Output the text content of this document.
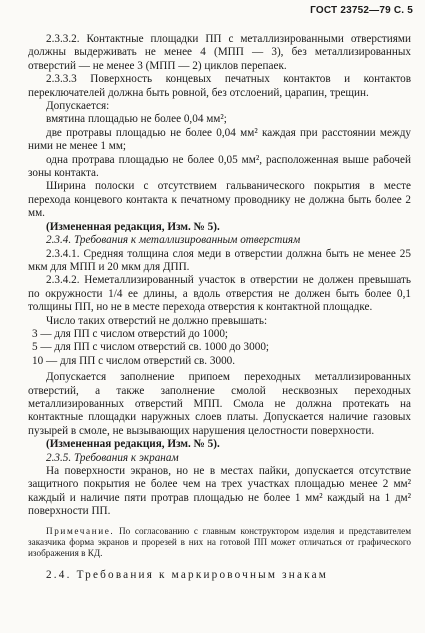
ГОСТ 23752—79 С. 5

2.3.3.2. Контактные площадки ПП с металлизированными отверстиями должны выдерживать не менее 4 (МПП — 3), без металлизированных отверстий — не менее 3 (МПП — 2) циклов перепаек.

2.3.3.3 Поверхность концевых печатных контактов и контактов переключателей должна быть ровной, без отслоений, царапин, трещин.

Допускается:

вмятина площадью не более 0,04 мм²;

две протравы площадью не более 0,04 мм² каждая при расстоянии между ними не менее 1 мм;

одна протрава площадью не более 0,05 мм², расположенная выше рабочей зоны контакта.

Ширина полоски с отсутствием гальванического покрытия в месте перехода концевого контакта к печатному проводнику не должна быть более 2 мм.

(Измененная редакция, Изм. № 5).

2.3.4. Требования к металлизированным отверстиям

2.3.4.1. Средняя толщина слоя меди в отверстии должна быть не менее 25 мкм для МПП и 20 мкм для ДПП.

2.3.4.2. Неметаллизированный участок в отверстии не должен превышать по окружности 1/4 ее длины, а вдоль отверстия не должен быть более 0,1 толщины ПП, но не в месте перехода отверстия к контактной площадке.

Число таких отверстий не должно превышать:

3 — для ПП с числом отверстий до 1000;

5 — для ПП с числом отверстий св. 1000 до 3000;

10 — для ПП с числом отверстий св. 3000.

Допускается заполнение припоем переходных металлизированных отверстий, а также заполнение смолой несквозных переходных металлизированных отверстий МПП. Смола не должна протекать на контактные площадки наружных слоев платы. Допускается наличие газовых пузырей в смоле, не вызывающих нарушения целостности поверхности.

(Измененная редакция, Изм. № 5).

2.3.5. Требования к экранам

На поверхности экранов, но не в местах пайки, допускается отсутствие защитного покрытия не более чем на трех участках площадью менее 2 мм² каждый и наличие пяти протрав площадью не более 1 мм² каждый на 1 дм² поверхности ПП.

Примечание. По согласованию с главным конструктором изделия и представителем заказчика форма экранов и прорезей в них на готовой ПП может отличаться от графического изображения в КД.

2.4. Требования к маркировочным знакам
